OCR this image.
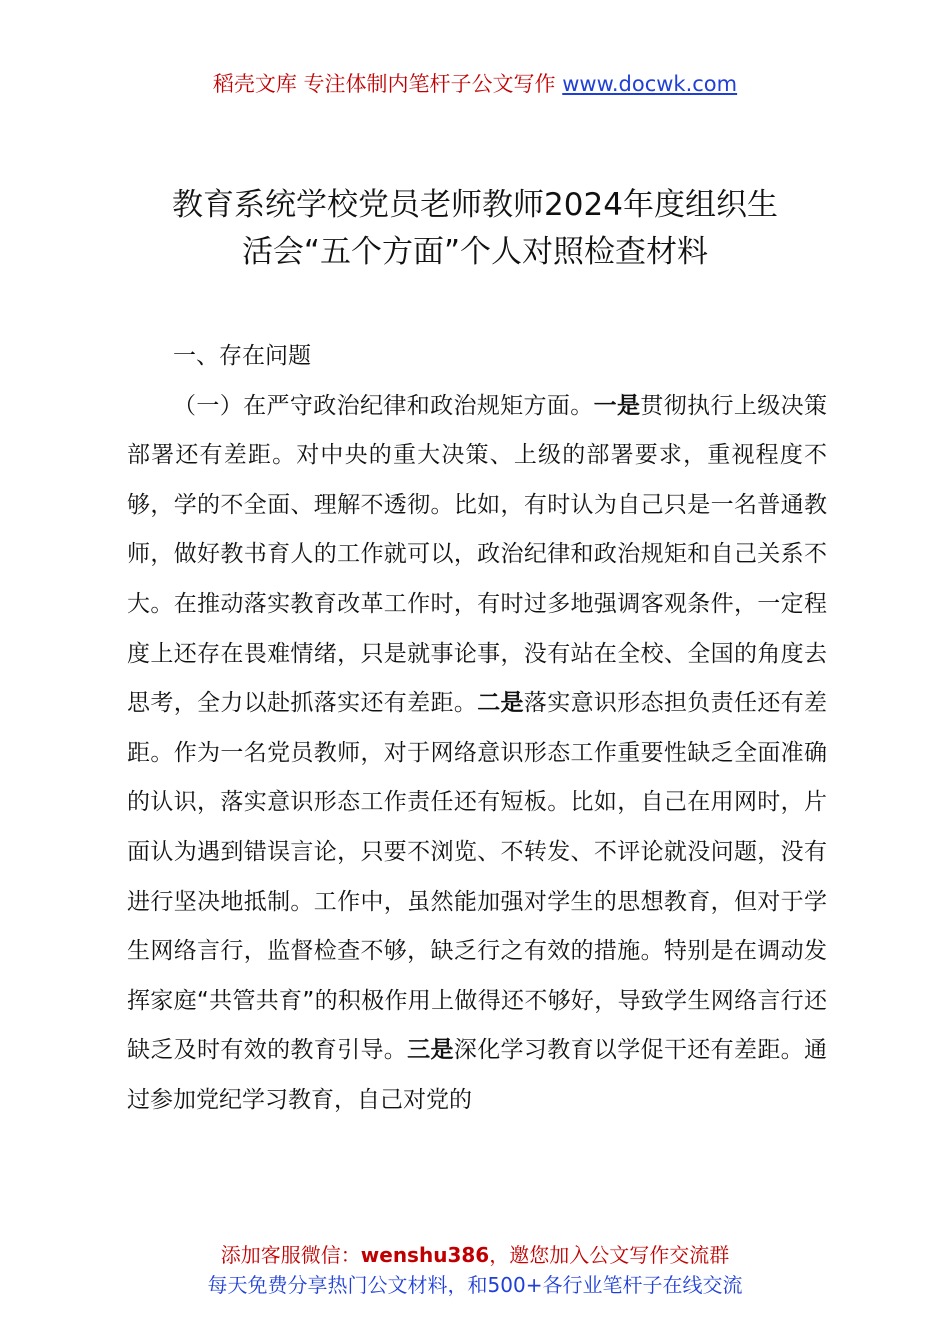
稻壳文库 专注体制内笔杆子公文写作 www.docwk.com
教育系统学校党员老师教师2024年度组织生
活会“五个方面”个人对照检查材料

一、存在问题

（一）在严守政治纪律和政治规矩方面。一是贯彻执行上级决策部署还有差距。对中央的重大决策、上级的部署要求，重视程度不够，学的不全面、理解不透彻。比如，有时认为自己只是一名普通教师，做好教书育人的工作就可以，政治纪律和政治规矩和自己关系不大。在推动落实教育改革工作时，有时过多地强调客观条件，一定程度上还存在畏难情绪，只是就事论事，没有站在全校、全国的角度去思考，全力以赴抓落实还有差距。二是落实意识形态担负责任还有差距。作为一名党员教师，对于网络意识形态工作重要性缺乏全面准确的认识，落实意识形态工作责任还有短板。比如，自己在用网时，片面认为遇到错误言论，只要不浏览、不转发、不评论就没问题，没有进行坚决地抵制。工作中，虽然能加强对学生的思想教育，但对于学生网络言行，监督检查不够，缺乏行之有效的措施。特别是在调动发挥家庭“共管共育”的积极作用上做得还不够好，导致学生网络言行还缺乏及时有效的教育引导。三是深化学习教育以学促干还有差距。通过参加党纪学习教育，自己对党的

添加客服微信：wenshu386，邀您加入公文写作交流群
每天免费分享热门公文材料，和500+各行业笔杆子在线交流
